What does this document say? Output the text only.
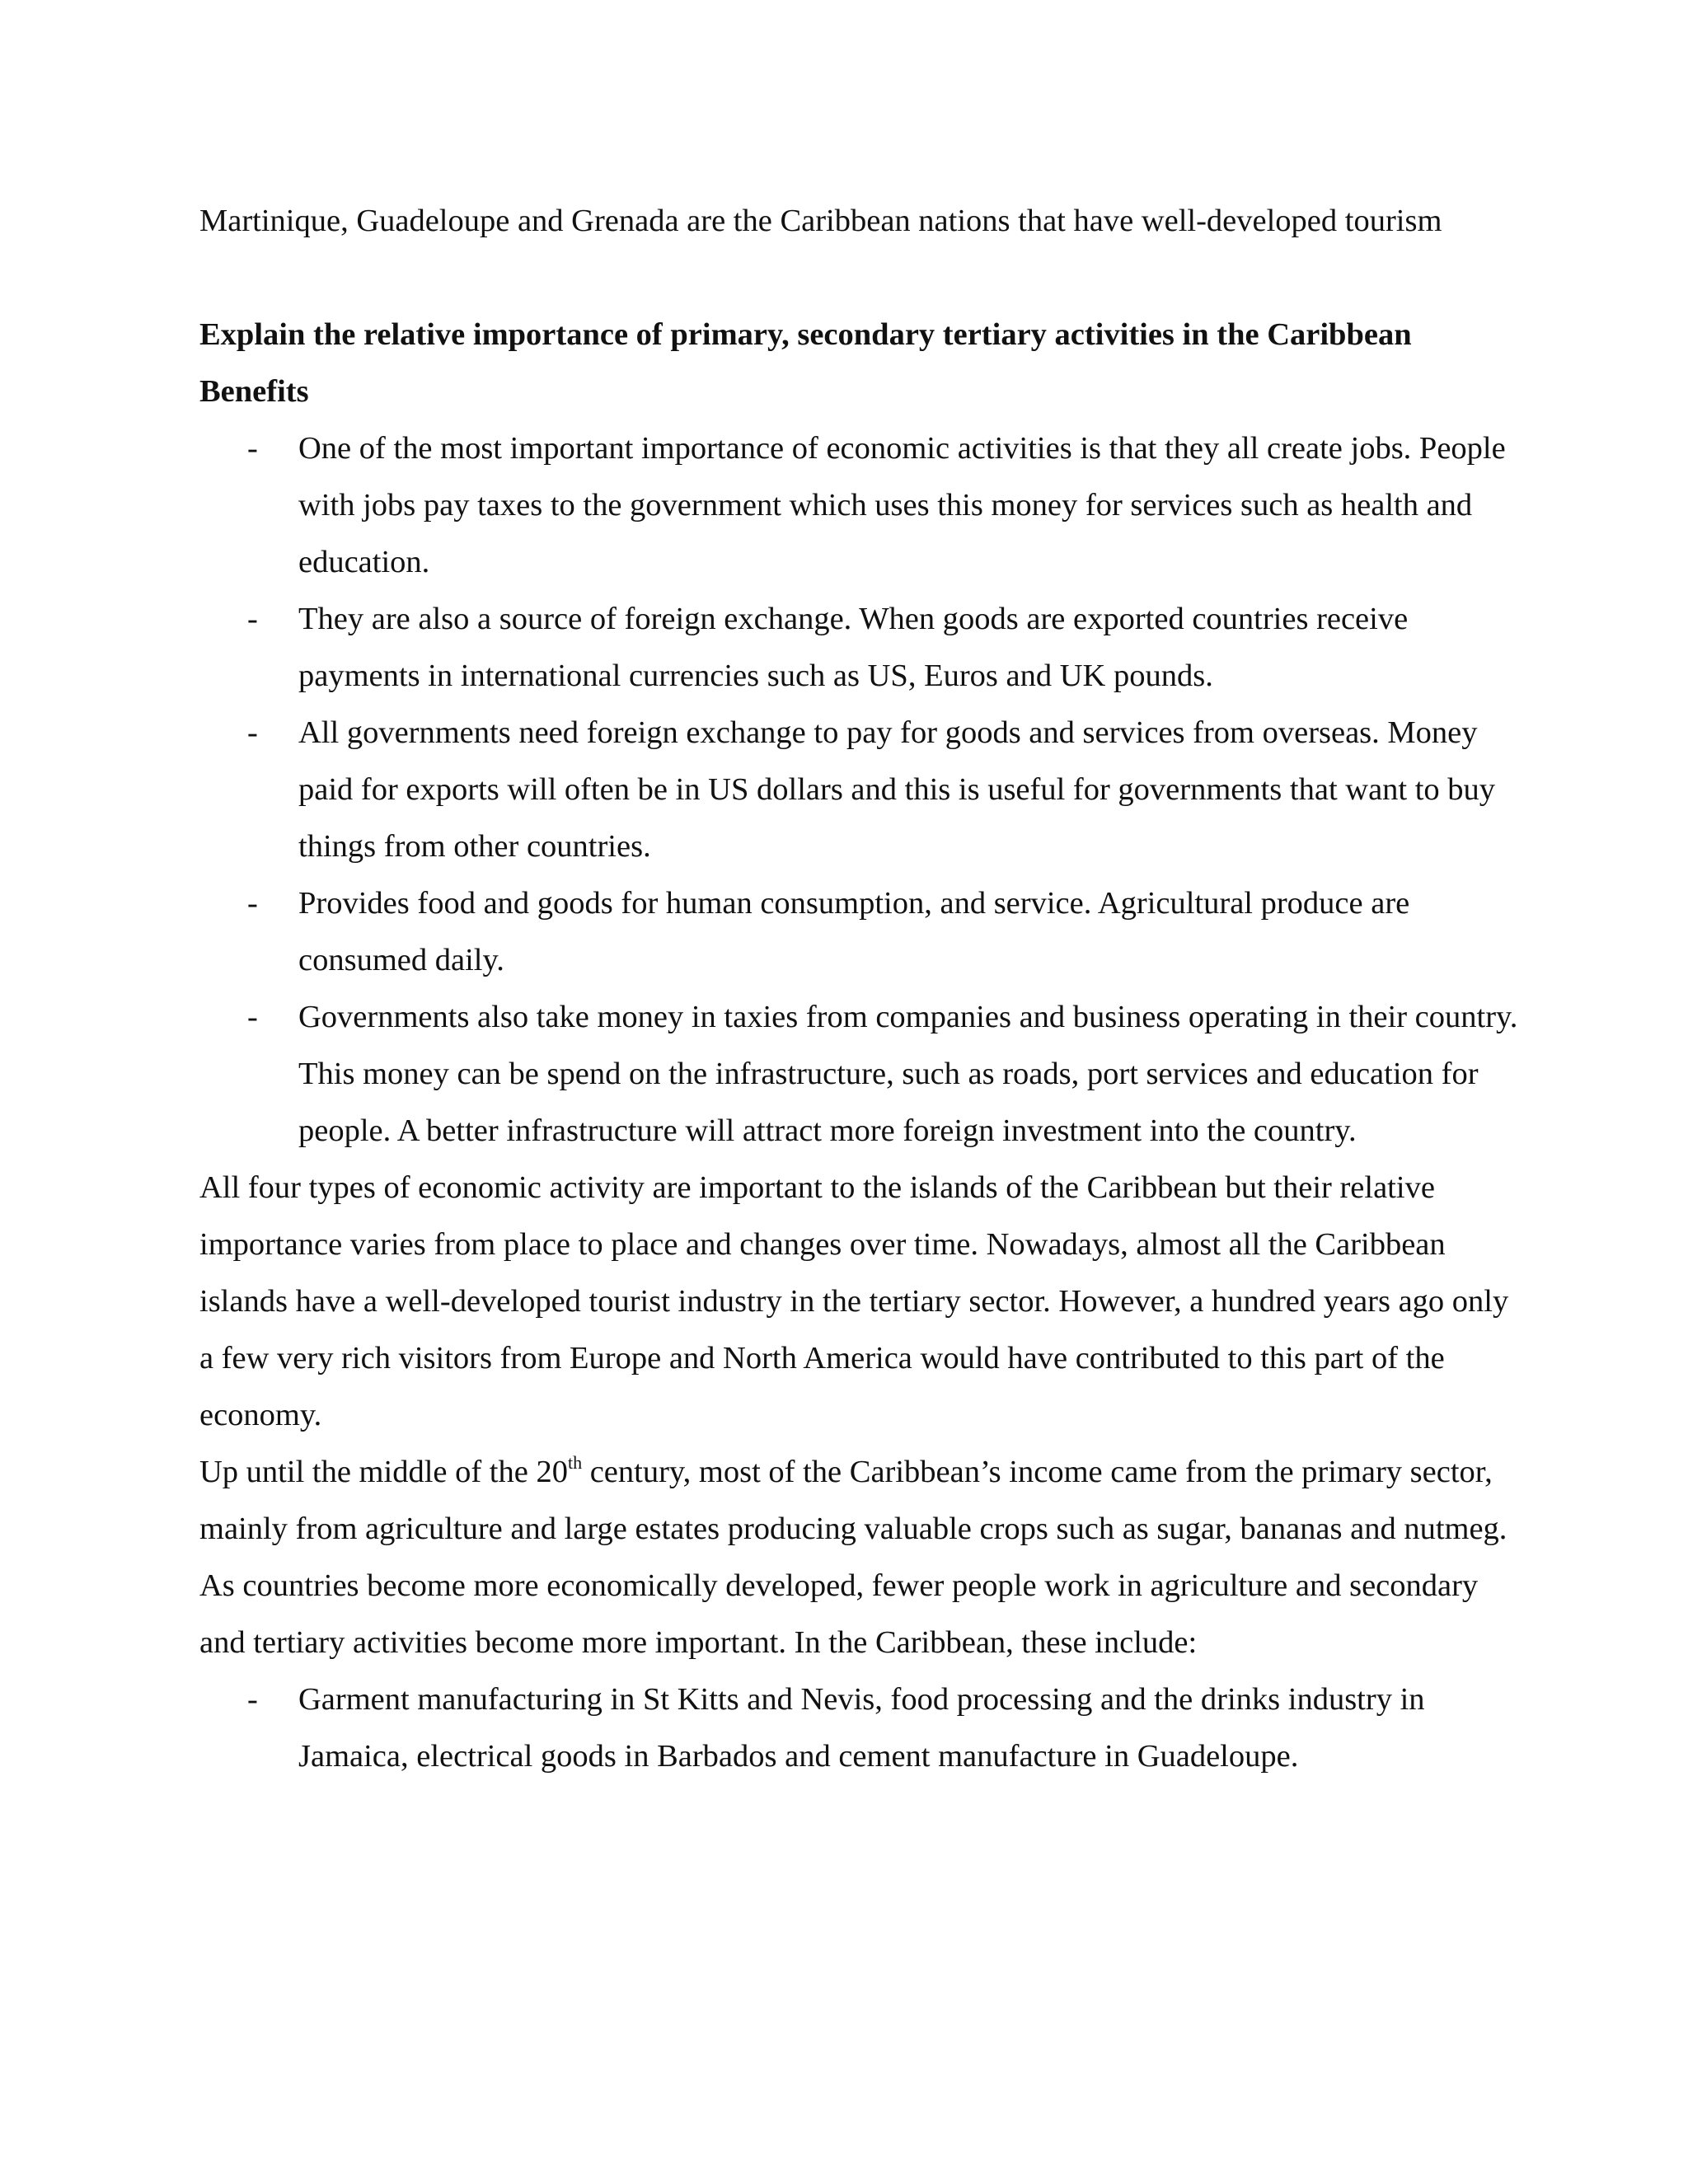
Martinique, Guadeloupe and Grenada are the Caribbean nations that have well-developed tourism

Explain the relative importance of primary, secondary tertiary activities in the Caribbean

Benefits

- One of the most important importance of economic activities is that they all create jobs. People with jobs pay taxes to the government which uses this money for services such as health and education.
- They are also a source of foreign exchange. When goods are exported countries receive payments in international currencies such as US, Euros and UK pounds.
- All governments need foreign exchange to pay for goods and services from overseas. Money paid for exports will often be in US dollars and this is useful for governments that want to buy things from other countries.
- Provides food and goods for human consumption, and service. Agricultural produce are consumed daily.
- Governments also take money in taxies from companies and business operating in their country. This money can be spend on the infrastructure, such as roads, port services and education for people. A better infrastructure will attract more foreign investment into the country.

All four types of economic activity are important to the islands of the Caribbean but their relative importance varies from place to place and changes over time. Nowadays, almost all the Caribbean islands have a well-developed tourist industry in the tertiary sector. However, a hundred years ago only a few very rich visitors from Europe and North America would have contributed to this part of the economy.

Up until the middle of the 20th century, most of the Caribbean’s income came from the primary sector, mainly from agriculture and large estates producing valuable crops such as sugar, bananas and nutmeg. As countries become more economically developed, fewer people work in agriculture and secondary and tertiary activities become more important. In the Caribbean, these include:

- Garment manufacturing in St Kitts and Nevis, food processing and the drinks industry in Jamaica, electrical goods in Barbados and cement manufacture in Guadeloupe.
